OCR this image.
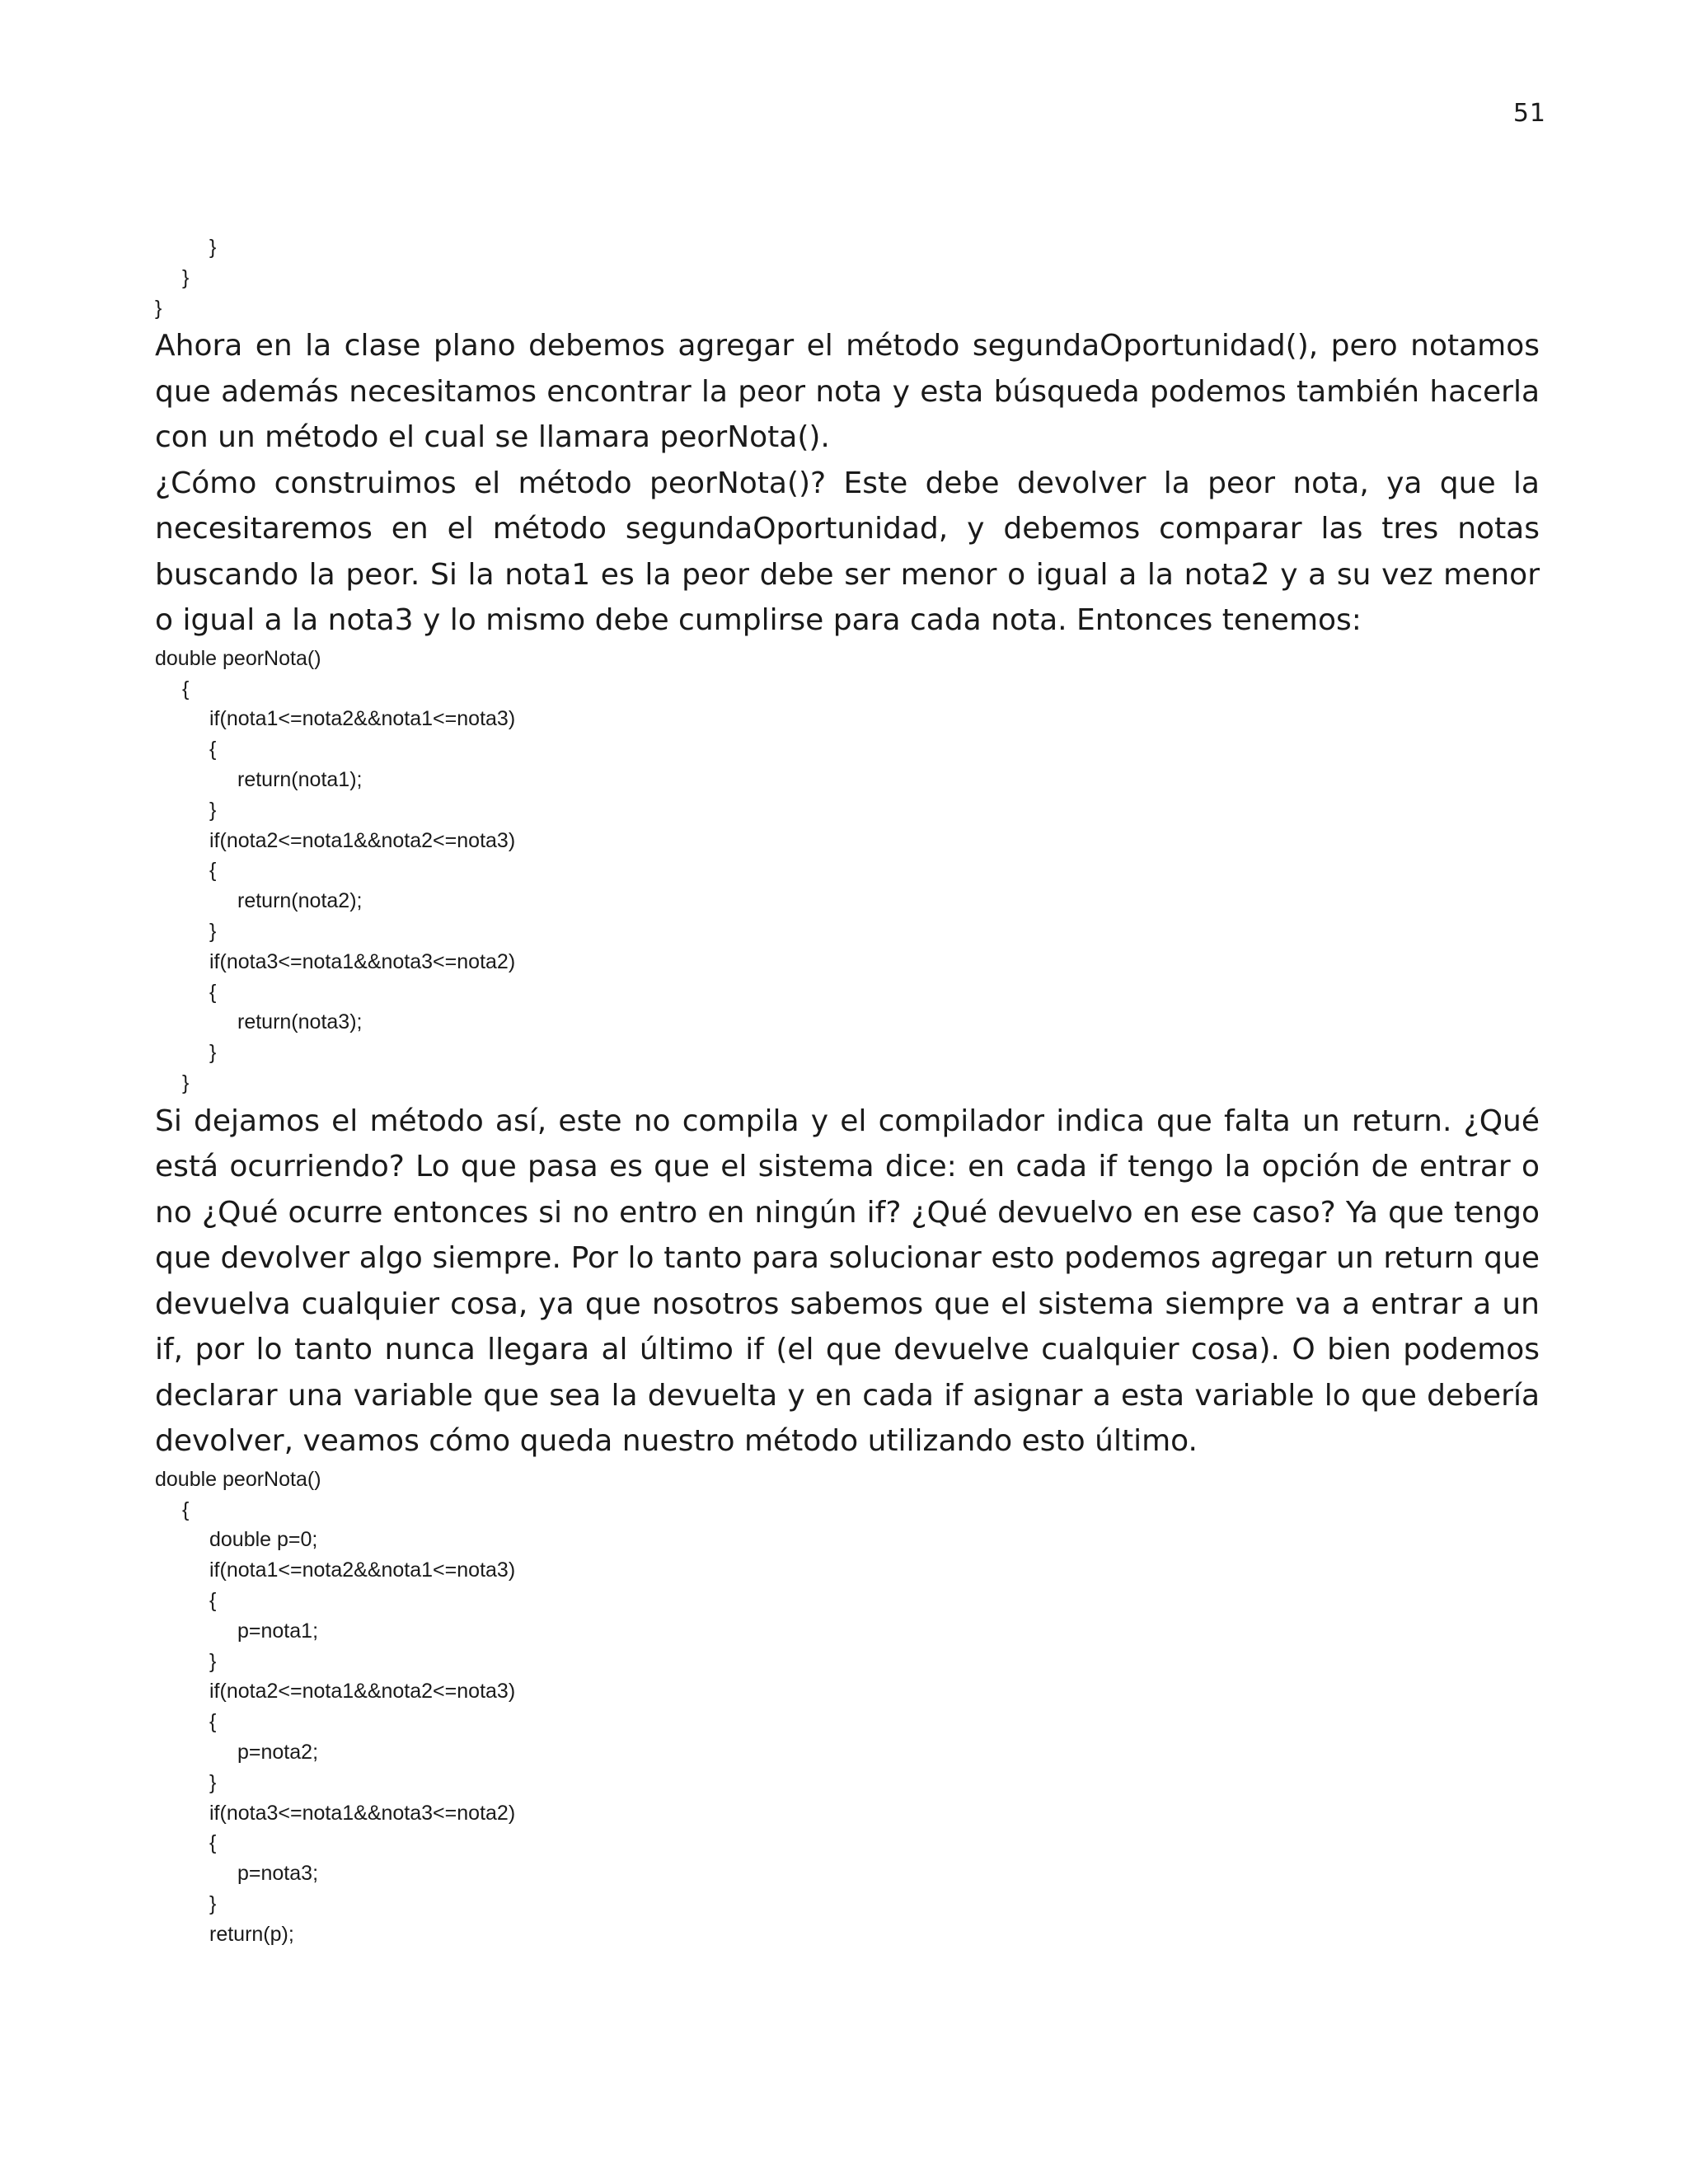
51
}
}
}

Ahora en la clase plano debemos agregar el método segundaOportunidad(), pero notamos que además necesitamos encontrar la peor nota y esta búsqueda podemos también hacerla con un método el cual se llamara peorNota().

¿Cómo construimos el método peorNota()? Este debe devolver la peor nota, ya que la necesitaremos en el método segundaOportunidad, y debemos comparar las tres notas buscando la peor. Si la nota1 es la peor debe ser menor o igual a la nota2 y a su vez menor o igual a la nota3 y lo mismo debe cumplirse para cada nota. Entonces tenemos:

double peorNota()
{
if(nota1<=nota2&&nota1<=nota3)
{
return(nota1);
}
if(nota2<=nota1&&nota2<=nota3)
{
return(nota2);
}
if(nota3<=nota1&&nota3<=nota2)
{
return(nota3);
}
}

Si dejamos el método así, este no compila y el compilador indica que falta un return. ¿Qué está ocurriendo? Lo que pasa es que el sistema dice: en cada if tengo la opción de entrar o no ¿Qué ocurre entonces si no entro en ningún if? ¿Qué devuelvo en ese caso? Ya que tengo que devolver algo siempre. Por lo tanto para solucionar esto podemos agregar un return que devuelva cualquier cosa, ya que nosotros sabemos que el sistema siempre va a entrar a un if, por lo tanto nunca llegara al último if (el que devuelve cualquier cosa). O bien podemos declarar una variable que sea la devuelta y en cada if asignar a esta variable lo que debería devolver, veamos cómo queda nuestro método utilizando esto último.

double peorNota()
{
double p=0;
if(nota1<=nota2&&nota1<=nota3)
{
p=nota1;
}
if(nota2<=nota1&&nota2<=nota3)
{
p=nota2;
}
if(nota3<=nota1&&nota3<=nota2)
{
p=nota3;
}
return(p);
